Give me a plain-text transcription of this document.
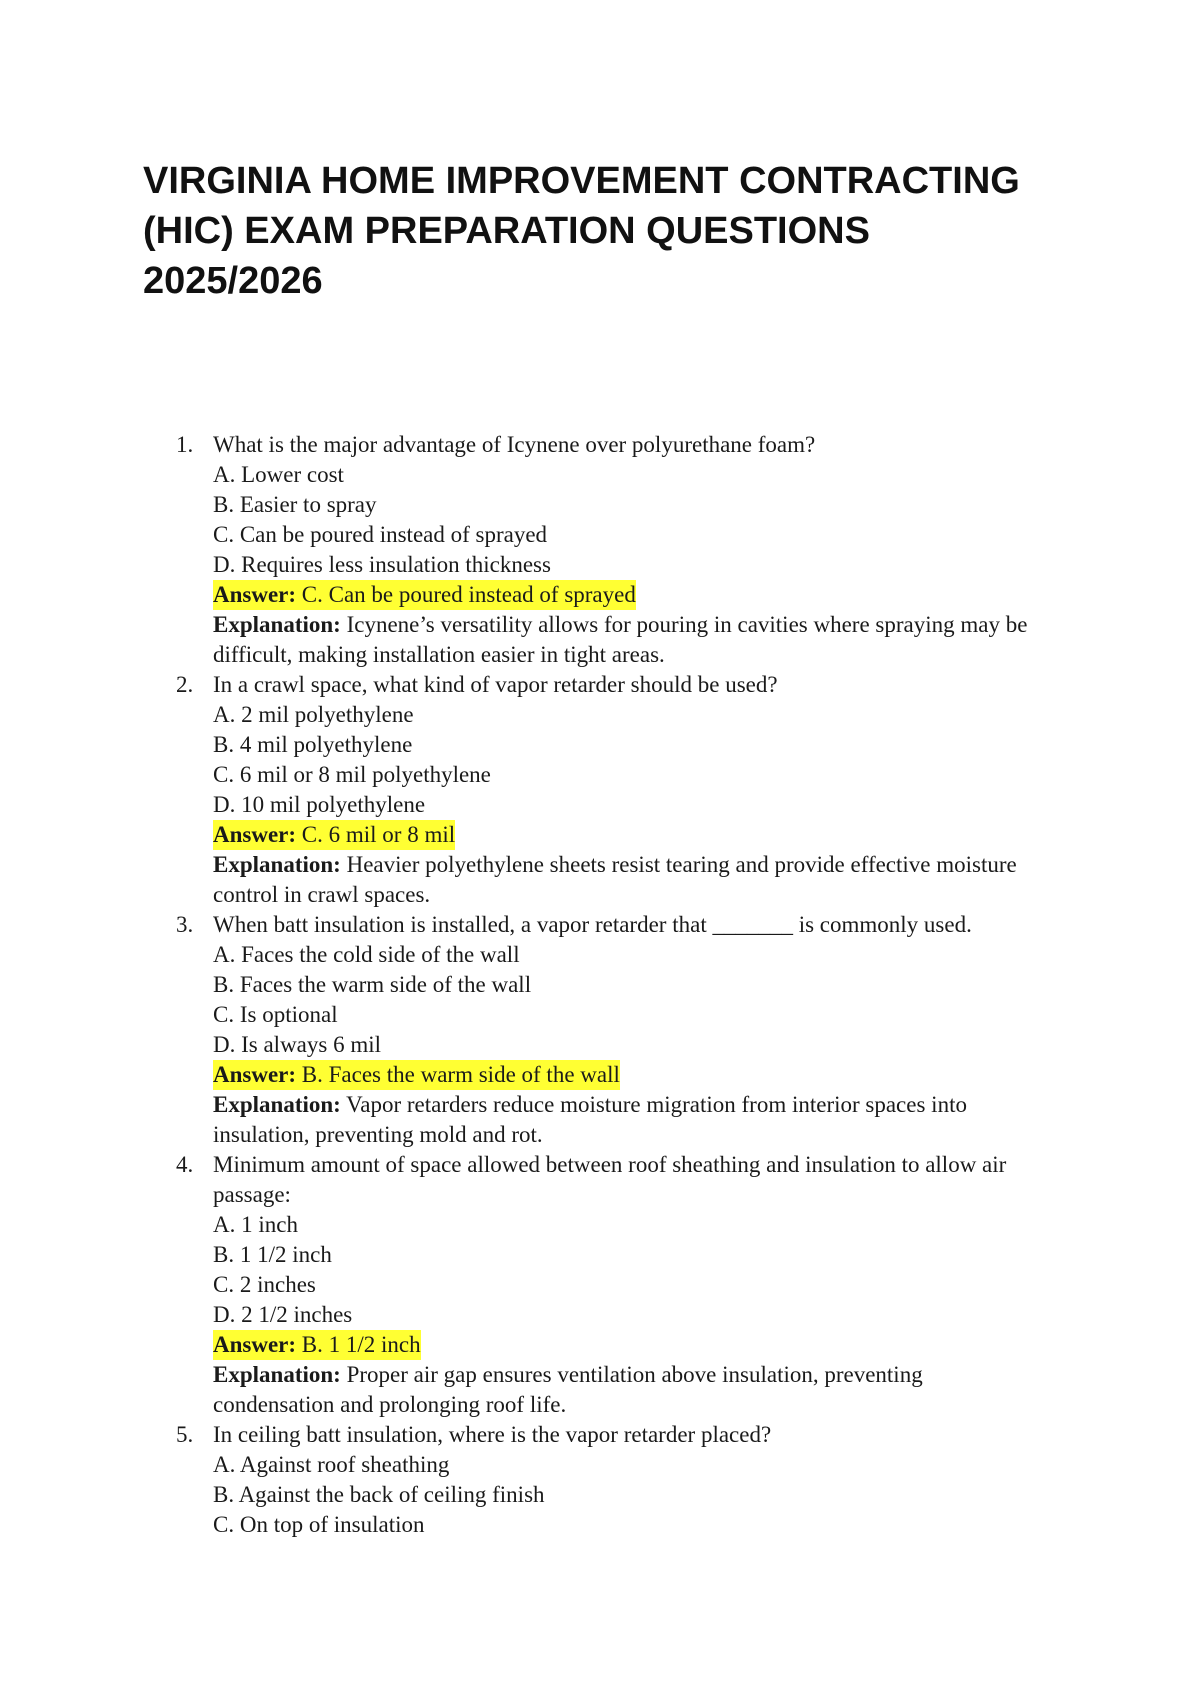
VIRGINIA HOME IMPROVEMENT CONTRACTING
(HIC) EXAM PREPARATION QUESTIONS
2025/2026
1. What is the major advantage of Icynene over polyurethane foam?
A. Lower cost
B. Easier to spray
C. Can be poured instead of sprayed
D. Requires less insulation thickness
Answer: C. Can be poured instead of sprayed
Explanation: Icynene’s versatility allows for pouring in cavities where spraying may be
difficult, making installation easier in tight areas.
2. In a crawl space, what kind of vapor retarder should be used?
A. 2 mil polyethylene
B. 4 mil polyethylene
C. 6 mil or 8 mil polyethylene
D. 10 mil polyethylene
Answer: C. 6 mil or 8 mil
Explanation: Heavier polyethylene sheets resist tearing and provide effective moisture
control in crawl spaces.
3. When batt insulation is installed, a vapor retarder that _______ is commonly used.
A. Faces the cold side of the wall
B. Faces the warm side of the wall
C. Is optional
D. Is always 6 mil
Answer: B. Faces the warm side of the wall
Explanation: Vapor retarders reduce moisture migration from interior spaces into
insulation, preventing mold and rot.
4. Minimum amount of space allowed between roof sheathing and insulation to allow air
passage:
A. 1 inch
B. 1 1/2 inch
C. 2 inches
D. 2 1/2 inches
Answer: B. 1 1/2 inch
Explanation: Proper air gap ensures ventilation above insulation, preventing
condensation and prolonging roof life.
5. In ceiling batt insulation, where is the vapor retarder placed?
A. Against roof sheathing
B. Against the back of ceiling finish
C. On top of insulation
